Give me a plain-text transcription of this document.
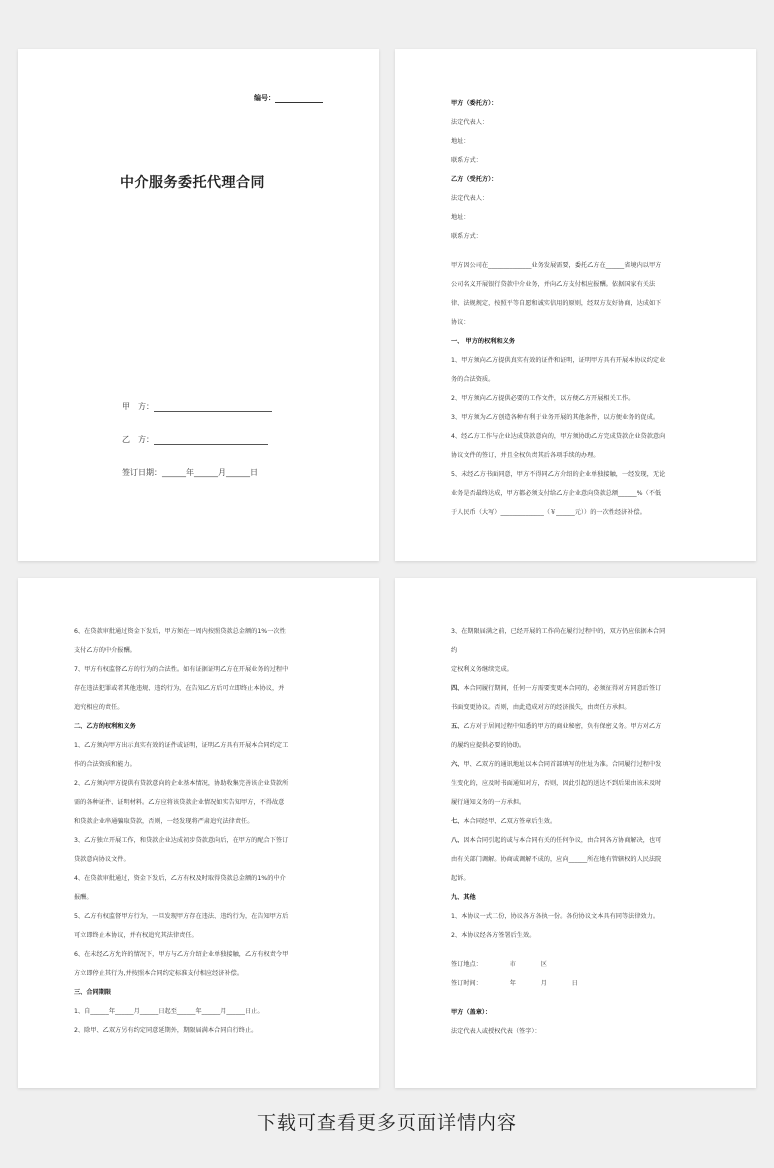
编号：
中介服务委托代理合同
甲　方：
乙　方：
签订日期：______年______月______日

甲方（委托方）：

法定代表人：

地址：

联系方式：

乙方（受托方）：

法定代表人：

地址：

联系方式：

甲方因公司在______________业务发展需要，委托乙方在______省境内以甲方

公司名义开展银行贷款中介业务，并向乙方支付相应报酬。依据国家有关法

律、法规规定，按照平等自愿和诚实信用的原则，经双方友好协商，达成如下

协议：

一、 甲方的权利和义务

1、甲方须向乙方提供真实有效的证件和证明，证明甲方具有开展本协议约定业

务的合法资质。

2、甲方须向乙方提供必要的工作文件，以方便乙方开展相关工作。

3、甲方须为乙方创造各种有利于业务开展的其他条件，以方便业务的促成。

4、经乙方工作与企业达成贷款意向的，甲方须协助乙方完成贷款企业贷款意向

协议文件的签订，并且全权负责其后各项手续的办理。

5、未经乙方书面同意，甲方不得同乙方介绍的企业单独接触，一经发现，无论

业务是否最终达成，甲方都必须支付给乙方企业意向贷款总额______%（不低

于人民币（大写）______________（￥______元））的一次性经济补偿。

6、在贷款审批通过资金下发后，甲方须在一周内按照贷款总金额的1%一次性

支付乙方的中介报酬。

7、甲方有权监督乙方的行为的合法性。如有证据证明乙方在开展业务的过程中

存在违法犯罪或者其他违规、违约行为，在告知乙方后可立即终止本协议，并

追究相应的责任。

二、乙方的权利和义务

1、乙方须向甲方出示真实有效的证件或证明，证明乙方具有开展本合同约定工

作的合法资质和能力。

2、乙方须向甲方提供有贷款意向的企业基本情况，协助收集完善该企业贷款所

需的各种证件、证明材料。乙方应将该贷款企业情况如实告知甲方，不得故意

和贷款企业串通骗取贷款，否则，一经发现将严肃追究法律责任。

3、乙方独立开展工作，和贷款企业达成初步贷款意向后，在甲方的配合下签订

贷款意向协议文件。

4、在贷款审批通过，资金下发后，乙方有权及时取得贷款总金额的1%的中介

报酬。

5、乙方有权监督甲方行为，一旦发现甲方存在违法、违约行为，在告知甲方后

可立即终止本协议，并有权追究其法律责任。

6、在未经乙方允许的情况下，甲方与乙方介绍企业单独接触，乙方有权责令甲

方立即停止其行为,并按照本合同约定标准支付相应经济补偿。

三、合同期限

1、自______年______月______日起至______年______月______日止。

2、除甲、乙双方另有约定同意延期外，期限届满本合同自行终止。

3、在期限届满之前，已经开展的工作尚在履行过程中的，双方仍应依据本合同

约

定权利义务继续完成。

四、本合同履行期间，任何一方需要变更本合同的，必须征得对方同意后签订

书面变更协议。否则，由此造成对方的经济损失，由责任方承担。

五、乙方对于居间过程中知悉的甲方的商业秘密，负有保密义务。甲方对乙方

的履约应提供必要的协助。

六、甲、乙双方的通讯地址以本合同首部填写的住址为准。合同履行过程中发

生变化的，应及时书面通知对方，否则，因此引起的送达不到后果由该未及时

履行通知义务的一方承担。

七、本合同经甲、乙双方签章后生效。

八、因本合同引起的或与本合同有关的任何争议，由合同各方协商解决，也可

由有关部门调解。协商或调解不成的，应向______所在地有管辖权的人民法院

起诉。

九、其他

1、本协议一式二份，协议各方各执一份。各份协议文本具有同等法律效力。

2、本协议经各方签署后生效。

签订地点：　　　　　市　　　　区

签订时间：　　　　　年　　　　月　　　　日

甲方（盖章）：

法定代表人或授权代表（签字）：

下载可查看更多页面详情内容
